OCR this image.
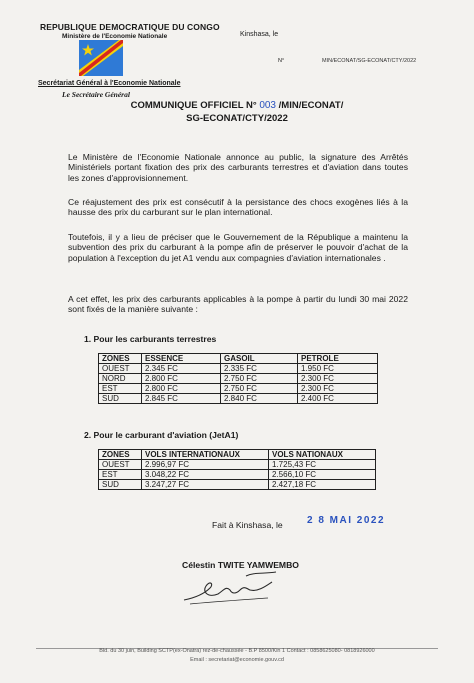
REPUBLIQUE DEMOCRATIQUE DU CONGO
Ministère de l'Economie Nationale	Kinshasa, le
N°	MIN/ECONAT/SG-ECONAT/CTY/2022
Secrétariat Général à l'Economie Nationale
Le Secrétaire Général
COMMUNIQUE OFFICIEL N° 003 /MIN/ECONAT/
SG-ECONAT/CTY/2022
Le Ministère de l'Economie Nationale annonce au public, la signature des Arrêtés Ministériels portant fixation des prix des carburants terrestres et d'aviation dans toutes les zones d'approvisionnement.
Ce réajustement des prix est consécutif à la persistance des chocs exogènes liés à la hausse des prix du carburant sur le plan international.
Toutefois, il y a lieu de préciser que le Gouvernement de la République a maintenu la subvention des prix du carburant à la pompe afin de préserver le pouvoir d'achat de la population à l'exception du jet A1 vendu aux compagnies d'aviation internationales .
A cet effet, les prix des carburants applicables à la pompe à partir du lundi 30 mai 2022 sont fixés de la manière suivante :
1. Pour les carburants terrestres
ZONES	ESSENCE	GASOIL	PETROLE
OUEST	2.345 FC	2.335 FC	1.950 FC
NORD	2.800 FC	2.750 FC	2.300 FC
EST	2.800 FC	2.750 FC	2.300 FC
SUD	2.845 FC	2.840 FC	2.400 FC
2. Pour le carburant d'aviation (JetA1)
ZONES	VOLS INTERNATIONAUX	VOLS NATIONAUX
OUEST	2.996,97 FC	1.725,43 FC
EST	3.048,22 FC	2.566,10 FC
SUD	3.247,27 FC	2.427,18 FC
Fait à Kinshasa, le 2 8 MAI 2022
Célestin TWITE YAMWEMBO
Bld. du 30 juin, Building SCTP(ex-Onatra) rez-de-chaussée - B.P 8500/Kin 1 Contact : 0858625080- 0818926000
Email : secretariat@economie.gouv.cd
